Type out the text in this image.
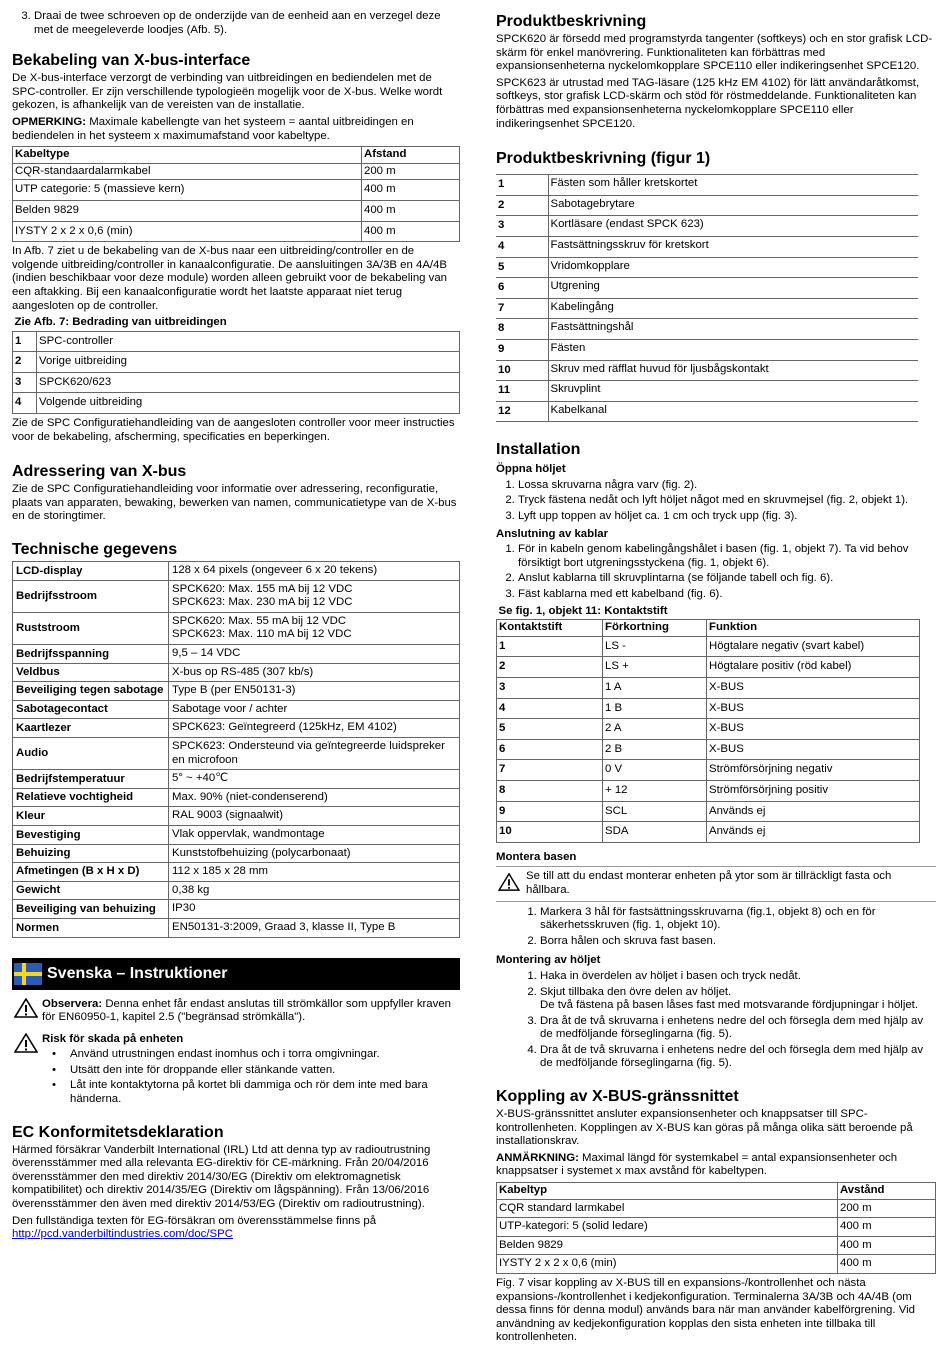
3. Draai de twee schroeven op de onderzijde van de eenheid aan en verzegel deze met de meegeleverde loodjes (Afb. 5).
Bekabeling van X-bus-interface

De X-bus-interface verzorgt de verbinding van uitbreidingen en bediendelen met de SPC-controller. Er zijn verschillende typologieën mogelijk voor de X-bus. Welke wordt gekozen, is afhankelijk van de vereisten van de installatie.

OPMERKING: Maximale kabellengte van het systeem = aantal uitbreidingen en bediendelen in het systeem x maximumafstand voor kabeltype.

Kabeltype	Afstand
CQR-standaardalarmkabel	200 m
UTP categorie: 5 (massieve kern)	400 m
Belden 9829	400 m
IYSTY 2 x 2 x 0,6 (min)	400 m

In Afb. 7 ziet u de bekabeling van de X-bus naar een uitbreiding/controller en de volgende uitbreiding/controller in kanaalconfiguratie. De aansluitingen 3A/3B en 4A/4B (indien beschikbaar voor deze module) worden alleen gebruikt voor de bekabeling van een aftakking. Bij een kanaalconfiguratie wordt het laatste apparaat niet terug aangesloten op de controller.

Zie Afb. 7: Bedrading van uitbreidingen	
1	SPC-controller
2	Vorige uitbreiding
3	SPCK620/623
4	Volgende uitbreiding

Zie de SPC Configuratiehandleiding van de aangesloten controller voor meer instructies voor de bekabeling, afscherming, specificaties en beperkingen.

Adressering van X-bus

Zie de SPC Configuratiehandleiding voor informatie over adressering, reconfiguratie, plaats van apparaten, bewaking, bewerken van namen, communicatietype van de X-bus en de storingtimer.

Technische gegevens
LCD-display	128 x 64 pixels (ongeveer 6 x 20 tekens)
Bedrijfsstroom	SPCK620: Max. 155 mA bij 12 VDC
SPCK623: Max. 230 mA bij 12 VDC
Ruststroom	SPCK620: Max. 55 mA bij 12 VDC
SPCK623: Max. 110 mA bij 12 VDC
Bedrijfsspanning	9,5 – 14 VDC
Veldbus	X-bus op RS-485 (307 kb/s)
Beveiliging tegen sabotage	Type B (per EN50131-3)
Sabotagecontact	Sabotage voor / achter
Kaartlezer	SPCK623: Geïntegreerd (125kHz, EM 4102)
Audio	SPCK623: Ondersteund via geïntegreerde luidspreker en microfoon
Bedrijfstemperatuur	5° ~ +40℃
Relatieve vochtigheid	Max. 90% (niet-condenserend)
Kleur	RAL 9003 (signaalwit)
Bevestiging	Vlak oppervlak, wandmontage
Behuizing	Kunststofbehuizing (polycarbonaat)
Afmetingen (B x H x D)	112 x 185 x 28 mm
Gewicht	0,38 kg
Beveiliging van behuizing	IP30
Normen	EN50131-3:2009, Graad 3, klasse II, Type B
Svenska – Instruktioner
Observera: Denna enhet får endast anslutas till strömkällor som uppfyller kraven för EN60950-1, kapitel 2.5 ("begränsad strömkälla").
Risk för skada på enheten
• Använd utrustningen endast inomhus och i torra omgivningar.
• Utsätt den inte för droppande eller stänkande vatten.
• Låt inte kontaktytorna på kortet bli dammiga och rör dem inte med bara händerna.
EC Konformitetsdeklaration

Härmed försäkrar Vanderbilt International (IRL) Ltd att denna typ av radioutrustning överensstämmer med alla relevanta EG-direktiv för CE-märkning. Från 20/04/2016 överensstämmer den med direktiv 2014/30/EG (Direktiv om elektromagnetisk kompatibilitet) och direktiv 2014/35/EG (Direktiv om lågspänning). Från 13/06/2016 överensstämmer den även med direktiv 2014/53/EG (Direktiv om radioutrustning).

Den fullständiga texten för EG-försäkran om överensstämmelse finns på
http://pcd.vanderbiltindustries.com/doc/SPC

Produktbeskrivning

SPCK620 är försedd med programstyrda tangenter (softkeys) och en stor grafisk LCD-skärm för enkel manövrering. Funktionaliteten kan förbättras med expansionsenheterna nyckelomkopplare SPCE110 eller indikeringsenhet SPCE120.

SPCK623 är utrustad med TAG-läsare (125 kHz EM 4102) för lätt användaråtkomst, softkeys, stor grafisk LCD-skärm och stöd för röstmeddelande. Funktionaliteten kan förbättras med expansionsenheterna nyckelomkopplare SPCE110 eller indikeringsenhet SPCE120.

Produktbeskrivning (figur 1)
1	Fästen som håller kretskortet
2	Sabotagebrytare
3	Kortläsare (endast SPCK 623)
4	Fastsättningsskruv för kretskort
5	Vridomkopplare
6	Utgrening
7	Kabelingång
8	Fastsättningshål
9	Fästen
10	Skruv med räfflat huvud för ljusbågskontakt
11	Skruvplint
12	Kabelkanal
Installation
Öppna höljet
1. Lossa skruvarna några varv (fig. 2).
2. Tryck fästena nedåt och lyft höljet något med en skruvmejsel (fig. 2, objekt 1).
3. Lyft upp toppen av höljet ca. 1 cm och tryck upp (fig. 3).
Anslutning av kablar
1. För in kabeln genom kabelingångshålet i basen (fig. 1, objekt 7). Ta vid behov försiktigt bort utgreningsstyckena (fig. 1, objekt 6).
2. Anslut kablarna till skruvplintarna (se följande tabell och fig. 6).
3. Fäst kablarna med ett kabelband (fig. 6).
Se fig. 1, objekt 11: Kontaktstift		
Kontaktstift	Förkortning	Funktion
1	LS -	Högtalare negativ (svart kabel)
2	LS +	Högtalare positiv (röd kabel)
3	1 A	X-BUS
4	1 B	X-BUS
5	2 A	X-BUS
6	2 B	X-BUS
7	0 V	Strömförsörjning negativ
8	+ 12	Strömförsörjning positiv
9	SCL	Används ej
10	SDA	Används ej
Montera basen
Se till att du endast monterar enheten på ytor som är tillräckligt fasta och hållbara.
1. Markera 3 hål för fastsättningsskruvarna (fig.1, objekt 8) och en för säkerhetsskruven (fig. 1, objekt 10).
2. Borra hålen och skruva fast basen.
Montering av höljet
1. Haka in överdelen av höljet i basen och tryck nedåt.
2. Skjut tillbaka den övre delen av höljet.
De två fästena på basen låses fast med motsvarande fördjupningar i höljet.
3. Dra åt de två skruvarna i enhetens nedre del och försegla dem med hjälp av de medföljande förseglingarna (fig. 5).
4. Dra åt de två skruvarna i enhetens nedre del och försegla dem med hjälp av de medföljande förseglingarna (fig. 5).
Koppling av X-BUS-gränssnittet

X-BUS-gränssnittet ansluter expansionsenheter och knappsatser till SPC-kontrollenheten. Kopplingen av X-BUS kan göras på många olika sätt beroende på installationskrav.

ANMÄRKNING: Maximal längd för systemkabel = antal expansionsenheter och knappsatser i systemet x max avstånd för kabeltypen.

Kabeltyp	Avstånd
CQR standard larmkabel	200 m
UTP-kategori: 5 (solid ledare)	400 m
Belden 9829	400 m
IYSTY 2 x 2 x 0,6 (min)	400 m

Fig. 7 visar koppling av X-BUS till en expansions-/kontrollenhet och nästa expansions-/kontrollenhet i kedjekonfiguration. Terminalerna 3A/3B och 4A/4B (om dessa finns för denna modul) används bara när man använder kabelförgrening. Vid användning av kedjekonfiguration kopplas den sista enheten inte tillbaka till kontrollenheten.
